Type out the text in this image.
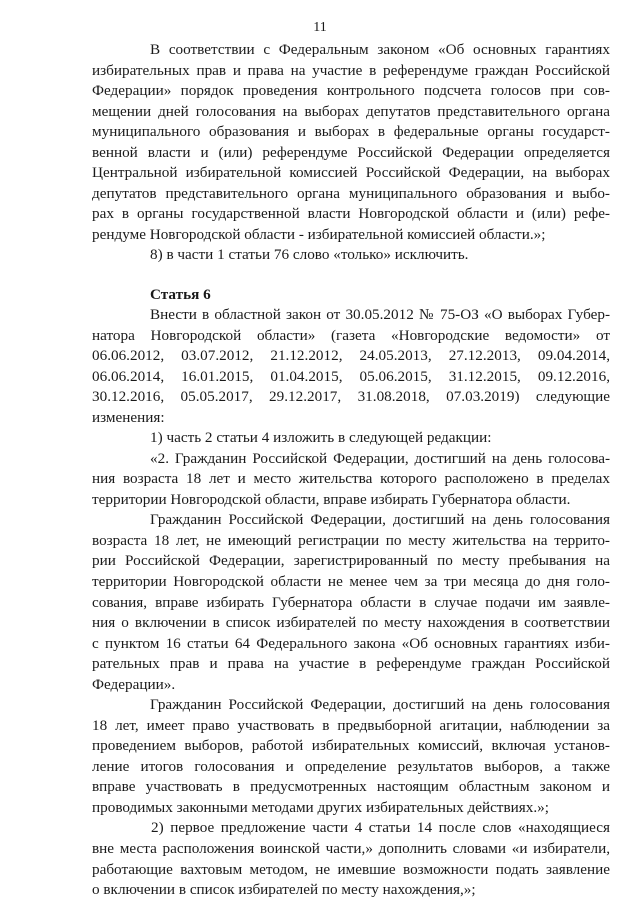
11
В соответствии с Федеральным законом «Об основных гарантиях
избирательных прав и права на участие в референдуме граждан Российской
Федерации» порядок проведения контрольного подсчета голосов при сов-
мещении дней голосования на выборах депутатов представительного органа
муниципального образования и выборах в федеральные органы государст-
венной власти и (или) референдуме Российской Федерации определяется
Центральной избирательной комиссией Российской Федерации, на выборах
депутатов представительного органа муниципального образования и выбо-
рах в органы государственной власти Новгородской области и (или) рефе-
рендуме Новгородской области - избирательной комиссией области.»;
8) в части 1 статьи 76 слово «только» исключить.
Статья 6
Внести в областной закон от 30.05.2012 № 75-ОЗ «О выборах Губер-
натора Новгородской области» (газета «Новгородские ведомости» от
06.06.2012, 03.07.2012, 21.12.2012, 24.05.2013, 27.12.2013, 09.04.2014,
06.06.2014, 16.01.2015, 01.04.2015, 05.06.2015, 31.12.2015, 09.12.2016,
30.12.2016, 05.05.2017, 29.12.2017, 31.08.2018, 07.03.2019) следующие
изменения:
1) часть 2 статьи 4 изложить в следующей редакции:
«2. Гражданин Российской Федерации, достигший на день голосова-
ния возраста 18 лет и место жительства которого расположено в пределах
территории Новгородской области, вправе избирать Губернатора области.
Гражданин Российской Федерации, достигший на день голосования
возраста 18 лет, не имеющий регистрации по месту жительства на террито-
рии Российской Федерации, зарегистрированный по месту пребывания на
территории Новгородской области не менее чем за три месяца до дня голо-
сования, вправе избирать Губернатора области в случае подачи им заявле-
ния о включении в список избирателей по месту нахождения в соответствии
с пунктом 16 статьи 64 Федерального закона «Об основных гарантиях изби-
рательных прав и права на участие в референдуме граждан Российской
Федерации».
Гражданин Российской Федерации, достигший на день голосования
18 лет, имеет право участвовать в предвыборной агитации, наблюдении за
проведением выборов, работой избирательных комиссий, включая установ-
ление итогов голосования и определение результатов выборов, а также
вправе участвовать в предусмотренных настоящим областным законом и
проводимых законными методами других избирательных действиях.»;
2) первое предложение части 4 статьи 14 после слов «находящиеся
вне места расположения воинской части,» дополнить словами «и избиратели,
работающие вахтовым методом, не имевшие возможности подать заявление
о включении в список избирателей по месту нахождения,»;
